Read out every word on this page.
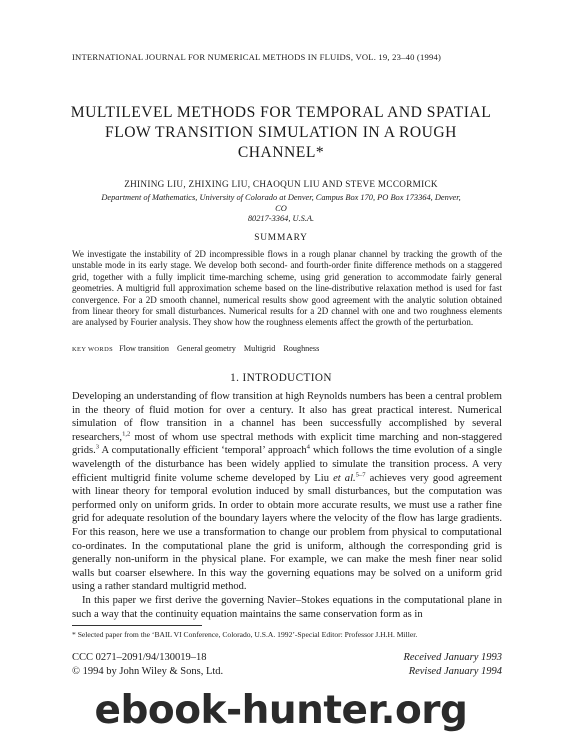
INTERNATIONAL JOURNAL FOR NUMERICAL METHODS IN FLUIDS, VOL. 19, 23–40 (1994)
MULTILEVEL METHODS FOR TEMPORAL AND SPATIAL
FLOW TRANSITION SIMULATION IN A ROUGH
CHANNEL*
ZHINING LIU, ZHIXING LIU, CHAOQUN LIU AND STEVE MCCORMICK
Department of Mathematics, University of Colorado at Denver, Campus Box 170, PO Box 173364, Denver, CO
80217-3364, U.S.A.
SUMMARY
We investigate the instability of 2D incompressible flows in a rough planar channel by tracking the growth of the unstable mode in its early stage. We develop both second- and fourth-order finite difference methods on a staggered grid, together with a fully implicit time-marching scheme, using grid generation to accommodate fairly general geometries. A multigrid full approximation scheme based on the line-distributive relaxation method is used for fast convergence. For a 2D smooth channel, numerical results show good agreement with the analytic solution obtained from linear theory for small disturbances. Numerical results for a 2D channel with one and two roughness elements are analysed by Fourier analysis. They show how the roughness elements affect the growth of the perturbation.
KEY WORDS Flow transition General geometry Multigrid Roughness
1. INTRODUCTION

Developing an understanding of flow transition at high Reynolds numbers has been a central problem in the theory of fluid motion for over a century. It also has great practical interest. Numerical simulation of flow transition in a channel has been successfully accomplished by several researchers,$^{1,2}$ most of whom use spectral methods with explicit time marching and non-staggered grids.$^3$ A computationally efficient ‘temporal’ approach$^4$ which follows the time evolution of a single wavelength of the disturbance has been widely applied to simulate the transition process. A very efficient multigrid finite volume scheme developed by Liu et al.$^{5-7}$ achieves very good agreement with linear theory for temporal evolution induced by small disturbances, but the computation was performed only on uniform grids. In order to obtain more accurate results, we must use a rather fine grid for adequate resolution of the boundary layers where the velocity of the flow has large gradients. For this reason, here we use a transformation to change our problem from physical to computational co-ordinates. In the computational plane the grid is uniform, although the corresponding grid is generally non-uniform in the physical plane. For example, we can make the mesh finer near solid walls but coarser elsewhere. In this way the governing equations may be solved on a uniform grid using a rather standard multigrid method.

In this paper we first derive the governing Navier–Stokes equations in the computational plane in such a way that the continuity equation maintains the same conservation form as in

* Selected paper from the ‘BAIL VI Conference, Colorado, U.S.A. 1992’-Special Editor: Professor J.H.H. Miller.
CCC 0271–2091/94/130019–18
© 1994 by John Wiley & Sons, Ltd.
Received January 1993
Revised January 1994
ebook-hunter.org
